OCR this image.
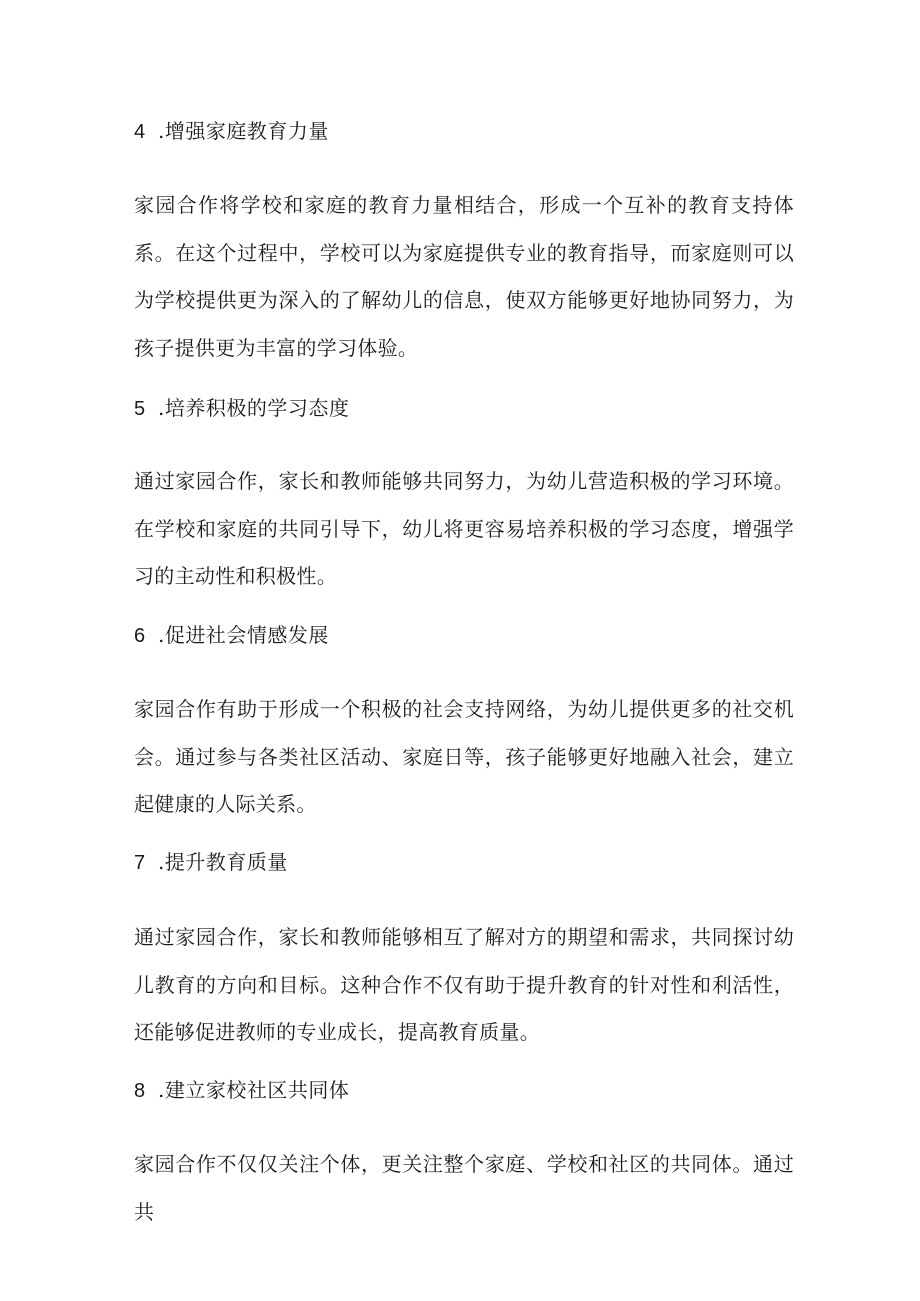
4 .增强家庭教育力量
家园合作将学校和家庭的教育力量相结合，形成一个互补的教育支持体系。在这个过程中，学校可以为家庭提供专业的教育指导，而家庭则可以为学校提供更为深入的了解幼儿的信息，使双方能够更好地协同努力，为孩子提供更为丰富的学习体验。
5 .培养积极的学习态度
通过家园合作，家长和教师能够共同努力，为幼儿营造积极的学习环境。在学校和家庭的共同引导下，幼儿将更容易培养积极的学习态度，增强学习的主动性和积极性。
6 .促进社会情感发展
家园合作有助于形成一个积极的社会支持网络，为幼儿提供更多的社交机会。通过参与各类社区活动、家庭日等，孩子能够更好地融入社会，建立起健康的人际关系。
7 .提升教育质量
通过家园合作，家长和教师能够相互了解对方的期望和需求，共同探讨幼儿教育的方向和目标。这种合作不仅有助于提升教育的针对性和利活性，还能够促进教师的专业成长，提高教育质量。
8 .建立家校社区共同体
家园合作不仅仅关注个体，更关注整个家庭、学校和社区的共同体。通过共
